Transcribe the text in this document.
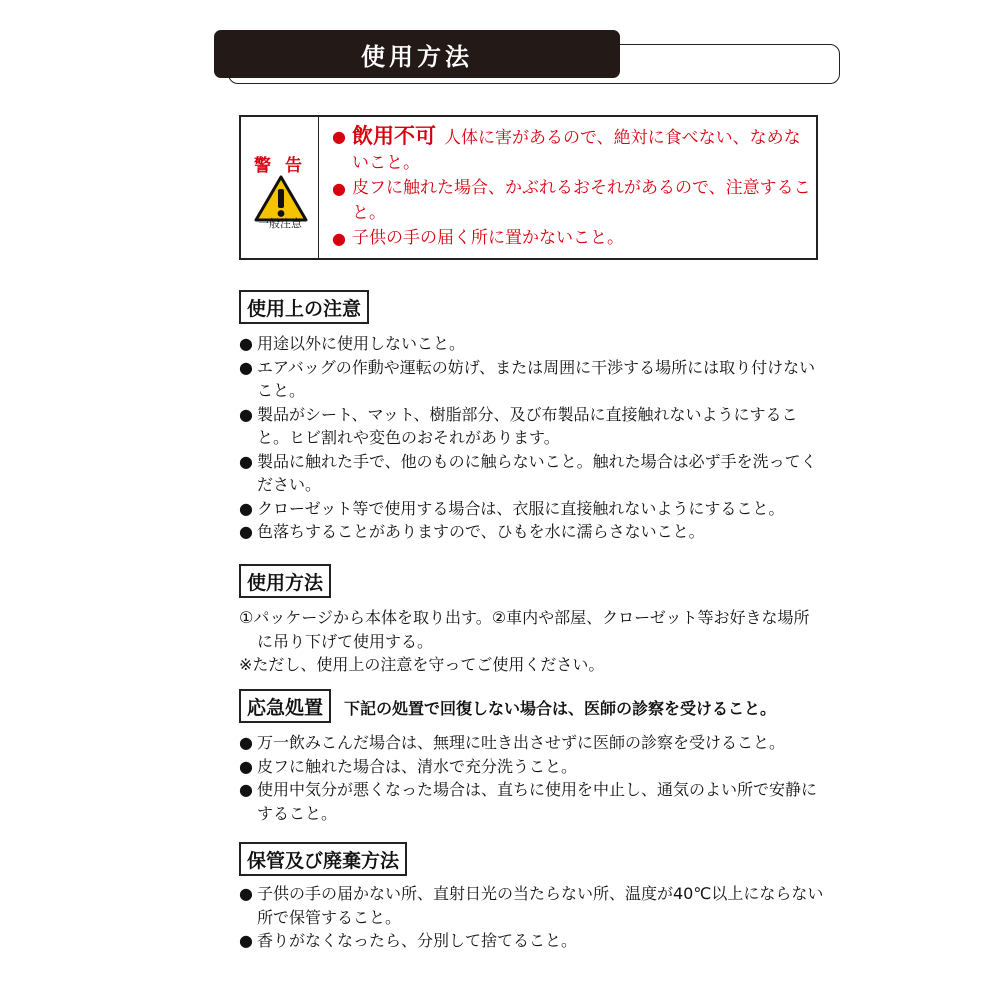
使用方法
警告
一般注意
● 飲用不可 人体に害があるので、絶対に食べない、なめないこと。
● 皮フに触れた場合、かぶれるおそれがあるので、注意すること。
● 子供の手の届く所に置かないこと。
使用上の注意
● 用途以外に使用しないこと。
● エアバッグの作動や運転の妨げ、または周囲に干渉する場所には取り付けないこと。
● 製品がシート、マット、樹脂部分、及び布製品に直接触れないようにすること。ヒビ割れや変色のおそれがあります。
● 製品に触れた手で、他のものに触らないこと。触れた場合は必ず手を洗ってください。
● クローゼット等で使用する場合は、衣服に直接触れないようにすること。
● 色落ちすることがありますので、ひもを水に濡らさないこと。
使用方法
①パッケージから本体を取り出す。②車内や部屋、クローゼット等お好きな場所に吊り下げて使用する。
※ただし、使用上の注意を守ってご使用ください。
応急処置	下記の処置で回復しない場合は、医師の診察を受けること。
● 万一飲みこんだ場合は、無理に吐き出させずに医師の診察を受けること。
● 皮フに触れた場合は、清水で充分洗うこと。
● 使用中気分が悪くなった場合は、直ちに使用を中止し、通気のよい所で安静にすること。
保管及び廃棄方法
● 子供の手の届かない所、直射日光の当たらない所、温度が40℃以上にならない所で保管すること。
● 香りがなくなったら、分別して捨てること。
